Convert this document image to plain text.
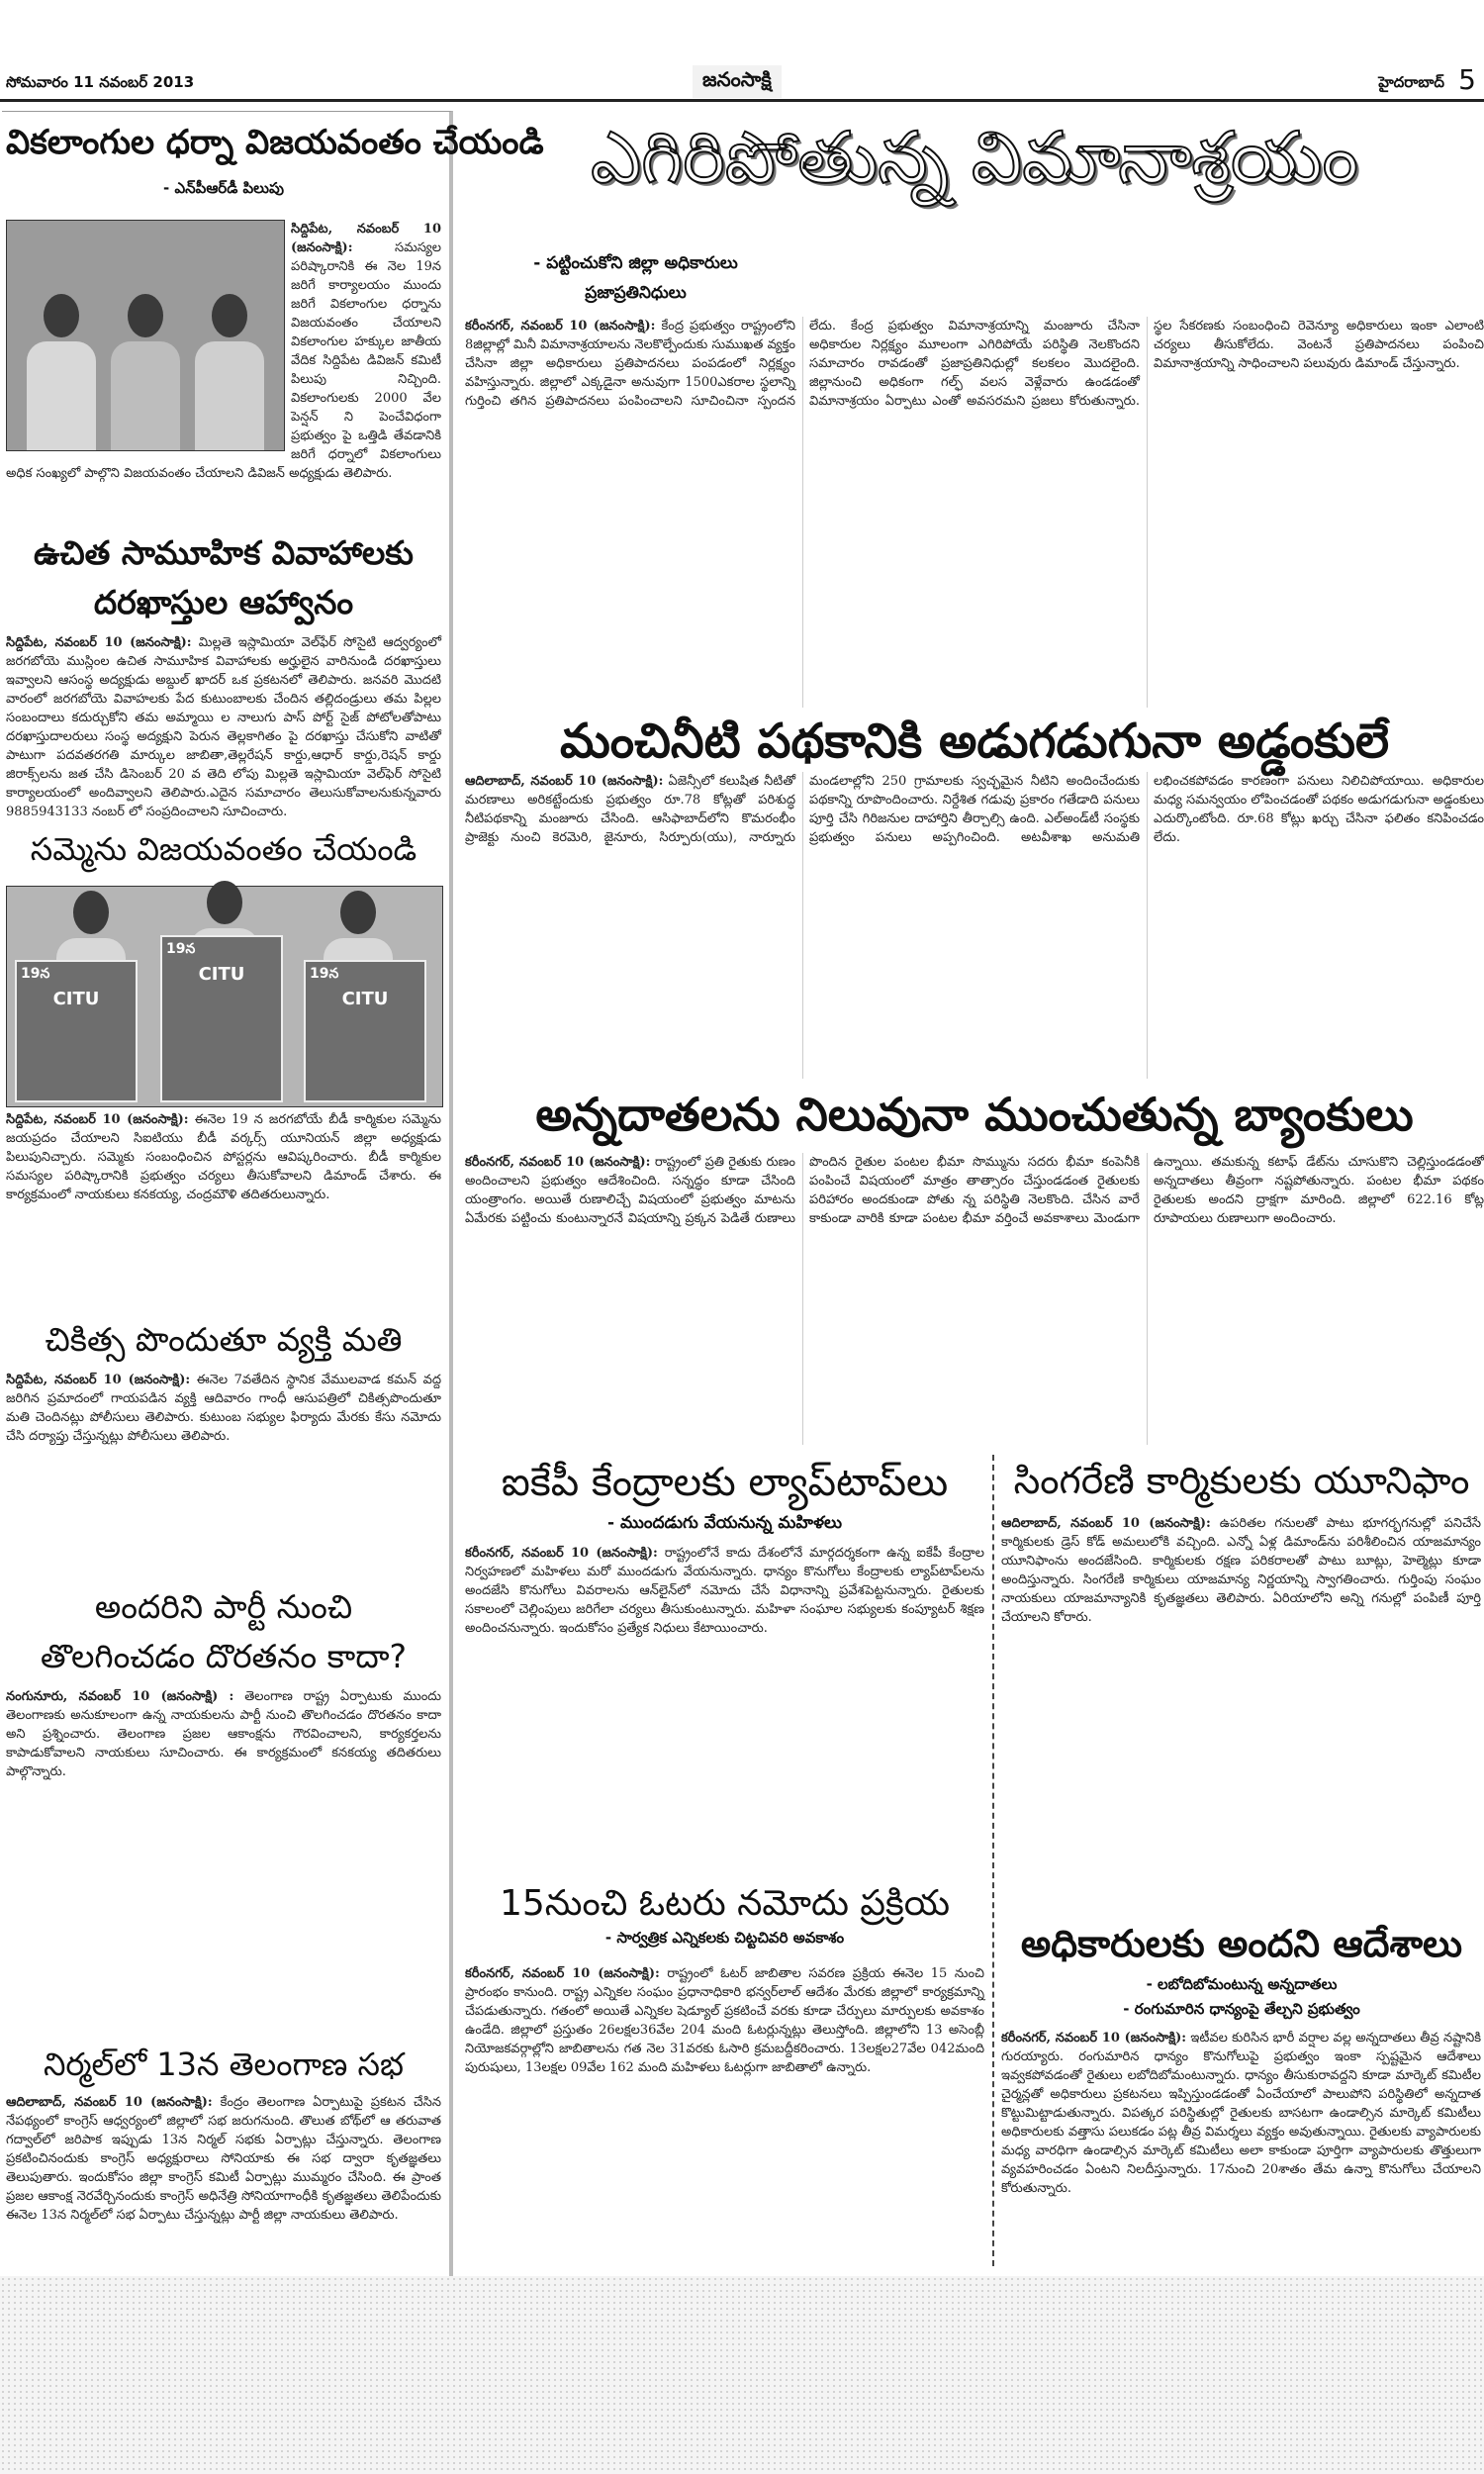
సోమవారం 11 నవంబర్ 2013	జనంసాక్షి	హైదరాబాద్ 5
వికలాంగుల ధర్నా విజయవంతం చేయండి
- ఎన్‌పీఆర్‌డీ పిలుపు
సిద్దిపేట, నవంబర్ 10 (జనంసాక్షి):	సమస్యల పరిష్కారానికి ఈ నెల 19న జరిగే కార్యాలయం ముందు జరిగే వికలాంగుల ధర్నాను విజయవంతం చేయాలని వికలాంగుల హక్కుల జాతీయ వేదిక సిద్దిపేట డివిజన్ కమిటీ పిలుపు నిచ్చింది. వికలాంగులకు 2000 వేల పెన్షన్ ని పెంచేవిధంగా ప్రభుత్వం పై ఒత్తిడి తేవడానికి జరిగే ధర్నాలో వికలాంగులు అధిక సంఖ్యలో పాల్గొని విజయవంతం చేయాలని డివిజన్ అధ్యక్షుడు తెలిపారు.
ఉచిత సామూహిక వివాహాలకు
దరఖాస్తుల ఆహ్వానం
సిద్దిపేట, నవంబర్ 10 (జనంసాక్షి): మిల్లతె ఇస్లామియా వెల్‌ఫేర్ సోసైటి ఆద్వర్యంలో జరగబోయె ముస్లింల ఉచిత సామూహిక వివాహాలకు అర్హులైన వారినుండి దరఖాస్తులు ఇవ్వాలని ఆసంస్థ అద్యక్షుడు అబ్దుల్ ఖాదర్ ఒక ప్రకటనలో తెలిపారు. జనవరి మొదటి వారంలో జరగబోయె వివాహలకు పేద కుటుంబాలకు చేందిన తల్లిదండ్రులు తమ పిల్లల సంబందాలు కదుర్చుకోని తమ అమ్మాయి ల నాలుగు పాస్ పోర్ట్ సైజ్ పోటోలతోపాటు దరఖాస్తుదాలరులు సంస్థ అద్యక్షుని పెరున తెల్లకాగితం పై దరఖాస్తు చేసుకోని వాటితో పాటుగా పదవతరగతి మార్కుల జాబితా,తెల్లరేషన్ కార్డు,ఆధార్ కార్డు,రెషన్ కార్డు జిరాక్స్‌లను జత చేసి డిసెంబర్ 20 వ తెది లోపు మిల్లతె ఇస్లామియా వెల్‌ఫెర్ సోసైటి కార్యాలయంలో అందివ్వాలని తెలిపారు.ఎదైన సమాచారం తెలుసుకోవాలనుకున్నవారు 9885943133 నంబర్ లో సంప్రదించాలని సూచించారు.
సమ్మెను విజయవంతం చేయండి
19న
CITU
19న
CITU	19న
CITU
సిద్దిపేట, నవంబర్ 10 (జనంసాక్షి): ఈనెల 19 న జరగబోయే బీడీ కార్మికుల సమ్మెను జయప్రదం చేయాలని సిఐటియు బీడీ వర్కర్స్ యూనియన్ జిల్లా అధ్యక్షుడు పిలుపునిచ్చారు. సమ్మెకు సంబంధించిన పోస్టర్లను ఆవిష్కరించారు. బీడీ కార్మికుల సమస్యల పరిష్కారానికి ప్రభుత్వం చర్యలు తీసుకోవాలని డిమాండ్ చేశారు. ఈ కార్యక్రమంలో నాయకులు కనకయ్య, చంద్రమౌళి తదితరులున్నారు.
చికిత్స పొందుతూ వ్యక్తి మతి
సిద్దిపేట, నవంబర్ 10 (జనంసాక్షి): ఈనెల 7వతేదిన స్థానిక వేములవాడ కమన్ వద్ద జరిగిన ప్రమాదంలో గాయపడిన వ్యక్తి ఆదివారం గాంధీ ఆసుపత్రిలో చికిత్సపొందుతూ మతి చెందినట్లు పోలీసులు తెలిపారు. కుటుంబ సభ్యుల ఫిర్యాదు మేరకు కేసు నమోదు చేసి దర్యాప్తు చేస్తున్నట్లు పోలీసులు తెలిపారు.
అందరిని పార్టీ నుంచి
తొలగించడం దొరతనం కాదా?
నంగునూరు, నవంబర్ 10 (జనంసాక్షి) : తెలంగాణ రాష్ట్ర ఏర్పాటుకు ముందు తెలంగాణకు అనుకూలంగా ఉన్న నాయకులను పార్టీ నుంచి తొలగించడం దొరతనం కాదా అని ప్రశ్నించారు. తెలంగాణ ప్రజల ఆకాంక్షను గౌరవించాలని, కార్యకర్తలను కాపాడుకోవాలని నాయకులు సూచించారు. ఈ కార్యక్రమంలో కనకయ్య తదితరులు పాల్గొన్నారు.
నిర్మల్‌లో 13న తెలంగాణ సభ
ఆదిలాబాద్, నవంబర్ 10 (జనంసాక్షి): కేంద్రం తెలంగాణ ఏర్పాటుపై ప్రకటన చేసిన నేపథ్యంలో కాంగ్రెస్ ఆధ్వర్యంలో జిల్లాలో సభ జరుగనుంది. తొలుత బోథ్‌లో ఆ తరువాత గద్వాల్‌లో జరిపాక ఇప్పుడు 13న నిర్మల్ సభకు ఏర్పాట్లు చేస్తున్నారు. తెలంగాణ ప్రకటించినందుకు కాంగ్రెస్ అధ్యక్షురాలు సోనియాకు ఈ సభ ద్వారా కృతజ్ఞతలు తెలుపుతారు. ఇందుకోసం జిల్లా కాంగ్రెస్ కమిటీ ఏర్పాట్లు ముమ్మరం చేసింది. ఈ ప్రాంత ప్రజల ఆకాంక్ష నెరవేర్చినందుకు కాంగ్రెస్ అధినేత్రి సోనియాగాంధీకి కృతజ్ఞతలు తెలిపేందుకు ఈనెల 13న నిర్మల్‌లో సభ ఏర్పాటు చేస్తున్నట్లు పార్టీ జిల్లా నాయకులు తెలిపారు.
ఎగిరిపోతున్న విమానాశ్రయం
- పట్టించుకోని జిల్లా అధికారులు
ప్రజాప్రతినిధులు
కరీంనగర్, నవంబర్ 10 (జనంసాక్షి): కేంద్ర ప్రభుత్వం రాష్ట్రంలోని 8జిల్లాల్లో మినీ విమానాశ్రయాలను నెలకొల్పేందుకు సుముఖత వ్యక్తం చేసినా జిల్లా అధికారులు ప్రతిపాదనలు పంపడంలో నిర్లక్ష్యం వహిస్తున్నారు. జిల్లాలో ఎక్కడైనా అనువుగా 1500ఎకరాల స్థలాన్ని గుర్తించి తగిన ప్రతిపాదనలు పంపించాలని సూచించినా స్పందన లేదు. కేంద్ర ప్రభుత్వం విమానాశ్రయాన్ని మంజూరు చేసినా అధికారుల నిర్లక్ష్యం మూలంగా ఎగిరిపోయే పరిస్థితి నెలకొందని సమాచారం రావడంతో ప్రజాప్రతినిధుల్లో కలకలం మొదలైంది. జిల్లానుంచి అధికంగా గల్ఫ్ వలస వెళ్లేవారు ఉండడంతో విమానాశ్రయం ఏర్పాటు ఎంతో అవసరమని ప్రజలు కోరుతున్నారు. స్థల సేకరణకు సంబంధించి రెవెన్యూ అధికారులు ఇంకా ఎలాంటి చర్యలు తీసుకోలేదు. వెంటనే ప్రతిపాదనలు పంపించి విమానాశ్రయాన్ని సాధించాలని పలువురు డిమాండ్ చేస్తున్నారు.
మంచినీటి పథకానికి అడుగడుగునా అడ్డంకులే
ఆదిలాబాద్, నవంబర్ 10 (జనంసాక్షి): ఏజెన్సీలో కలుషిత నీటితో మరణాలు అరికట్టేందుకు ప్రభుత్వం రూ.78 కోట్లతో పరిశుద్ధ నీటిపథకాన్ని మంజూరు చేసింది. ఆసిఫాబాద్‌లోని కొమరంభీం ప్రాజెక్టు నుంచి కెరమెరి, జైనూరు, సిర్పూరు(యు), నార్నూరు మండలాల్లోని 250 గ్రామాలకు స్వచ్ఛమైన నీటిని అందించేందుకు పథకాన్ని రూపొందించారు. నిర్దేశిత గడువు ప్రకారం గతేడాది పనులు పూర్తి చేసి గిరిజనుల దాహార్తిని తీర్చాల్సి ఉంది. ఎల్‌అండ్‌టీ సంస్థకు ప్రభుత్వం పనులు అప్పగించింది. అటవీశాఖ అనుమతి లభించకపోవడం కారణంగా పనులు నిలిచిపోయాయి. అధికారుల మధ్య సమన్వయం లోపించడంతో పథకం అడుగడుగునా అడ్డంకులు ఎదుర్కొంటోంది. రూ.68 కోట్లు ఖర్చు చేసినా ఫలితం కనిపించడం లేదు.
అన్నదాతలను నిలువునా ముంచుతున్న బ్యాంకులు
కరీంనగర్, నవంబర్ 10 (జనంసాక్షి): రాష్ట్రంలో ప్రతి రైతుకు రుణం అందించాలని ప్రభుత్వం ఆదేశించింది. సన్నద్ధం కూడా చేసింది యంత్రాంగం. అయితే రుణాలిచ్చే విషయంలో ప్రభుత్వం మాటను ఏమేరకు పట్టించు కుంటున్నారనే విషయాన్ని ప్రక్కన పెడితే రుణాలు పొందిన రైతుల పంటల భీమా సొమ్మును సదరు భీమా కంపెనీకి పంపించే విషయంలో మాత్రం తాత్సారం చేస్తుండడంత రైతులకు పరిహారం అందకుండా పోతు న్న పరిస్థితి నెలకొంది. చేసిన వారే కాకుండా వారికి కూడా పంటల భీమా వర్తించే అవకాశాలు మెండుగా ఉన్నాయి. తమకున్న కటాఫ్ డేట్‌ను చూసుకొని చెల్లిస్తుండడంతో అన్నదాతలు తీవ్రంగా నష్టపోతున్నారు. పంటల భీమా పథకం రైతులకు అందని ద్రాక్షగా మారింది. జిల్లాలో 622.16 కోట్ల రూపాయలు రుణాలుగా అందించారు.
ఐకేపీ కేంద్రాలకు ల్యాప్‌టాప్‌లు
- ముందడుగు వేయనున్న మహిళలు
కరీంనగర్, నవంబర్ 10 (జనంసాక్షి): రాష్ట్రంలోనే కాదు దేశంలోనే మార్గదర్శకంగా ఉన్న ఐకేపీ కేంద్రాల నిర్వహణలో మహిళలు మరో ముందడుగు వేయనున్నారు. ధాన్యం కొనుగోలు కేంద్రాలకు ల్యాప్‌టాప్‌లను అందజేసి కొనుగోలు వివరాలను ఆన్‌లైన్‌లో నమోదు చేసే విధానాన్ని ప్రవేశపెట్టనున్నారు. రైతులకు సకాలంలో చెల్లింపులు జరిగేలా చర్యలు తీసుకుంటున్నారు. మహిళా సంఘాల సభ్యులకు కంప్యూటర్ శిక్షణ అందించనున్నారు. ఇందుకోసం ప్రత్యేక నిధులు కేటాయించారు.
15నుంచి ఓటరు నమోదు ప్రక్రియ
- సార్వత్రిక ఎన్నికలకు చిట్టచివరి అవకాశం
కరీంనగర్, నవంబర్ 10 (జనంసాక్షి): రాష్ట్రంలో ఓటర్ జాబితాల సవరణ ప్రక్రియ ఈనెల 15 నుంచి ప్రారంభం కానుంది. రాష్ట్ర ఎన్నికల సంఘం ప్రధానాధికారి భన్వర్‌లాల్ ఆదేశం మేరకు జిల్లాలో కార్యక్రమాన్ని చేపడుతున్నారు. గతంలో అయితే ఎన్నికల షెడ్యూల్ ప్రకటించే వరకు కూడా చేర్పులు మార్పులకు అవకాశం ఉండేది. జిల్లాలో ప్రస్తుతం 26లక్షల36వేల 204 మంది ఓటర్లున్నట్లు తెలుస్తోంది. జిల్లాలోని 13 అసెంబ్లీ నియోజకవర్గాల్లోని జాబితాలను గత నెల 31వరకు ఓసారి క్రమబద్దీకరించారు. 13లక్షల27వేల 042మంది పురుషులు, 13లక్షల 09వేల 162 మంది మహిళలు ఓటర్లుగా జాబితాలో ఉన్నారు.
సింగరేణి కార్మికులకు యూనిఫాం
ఆదిలాబాద్, నవంబర్ 10 (జనంసాక్షి): ఉపరితల గనులతో పాటు భూగర్భగనుల్లో పనిచేసే కార్మికులకు డ్రెస్ కోడ్ అమలులోకి వచ్చింది. ఎన్నో ఏళ్ల డిమాండ్‌ను పరిశీలించిన యాజమాన్యం యూనిఫాంను అందజేసింది. కార్మికులకు రక్షణ పరికరాలతో పాటు బూట్లు, హెల్మెట్లు కూడా అందిస్తున్నారు. సింగరేణి కార్మికులు యాజమాన్య నిర్ణయాన్ని స్వాగతించారు. గుర్తింపు సంఘం నాయకులు యాజమాన్యానికి కృతజ్ఞతలు తెలిపారు. ఏరియాలోని అన్ని గనుల్లో పంపిణీ పూర్తి చేయాలని కోరారు.
అధికారులకు అందని ఆదేశాలు
- లబోదిబోమంటున్న అన్నదాతలు
- రంగుమారిన ధాన్యంపై తేల్చని ప్రభుత్వం
కరీంనగర్, నవంబర్ 10 (జనంసాక్షి): ఇటీవల కురిసిన భారీ వర్షాల వల్ల అన్నదాతలు తీవ్ర నష్టానికి గురయ్యారు. రంగుమారిన ధాన్యం కొనుగోలుపై ప్రభుత్వం ఇంకా స్పష్టమైన ఆదేశాలు ఇవ్వకపోవడంతో రైతులు లబోదిబోమంటున్నారు. ధాన్యం తీసుకురావద్దని కూడా మార్కెట్ కమిటీల చైర్మన్లతో అధికారులు ప్రకటనలు ఇప్పిస్తుండడంతో ఏంచేయాలో పాలుపోని పరిస్థితిలో అన్నదాత కొట్టుమిట్టాడుతున్నారు. విపత్కర పరిస్థితుల్లో రైతులకు బాసటగా ఉండాల్సిన మార్కెట్ కమిటీలు అధికారులకు వత్తాసు పలుకడం పట్ల తీవ్ర విమర్శలు వ్యక్తం అవుతున్నాయి. రైతులకు వ్యాపారులకు మధ్య వారధిగా ఉండాల్సిన మార్కెట్ కమిటీలు అలా కాకుండా పూర్తిగా వ్యాపారులకు తొత్తులుగా వ్యవహరించడం ఏంటని నిలదీస్తున్నారు. 17నుంచి 20శాతం తేమ ఉన్నా కొనుగోలు చేయాలని కోరుతున్నారు.
